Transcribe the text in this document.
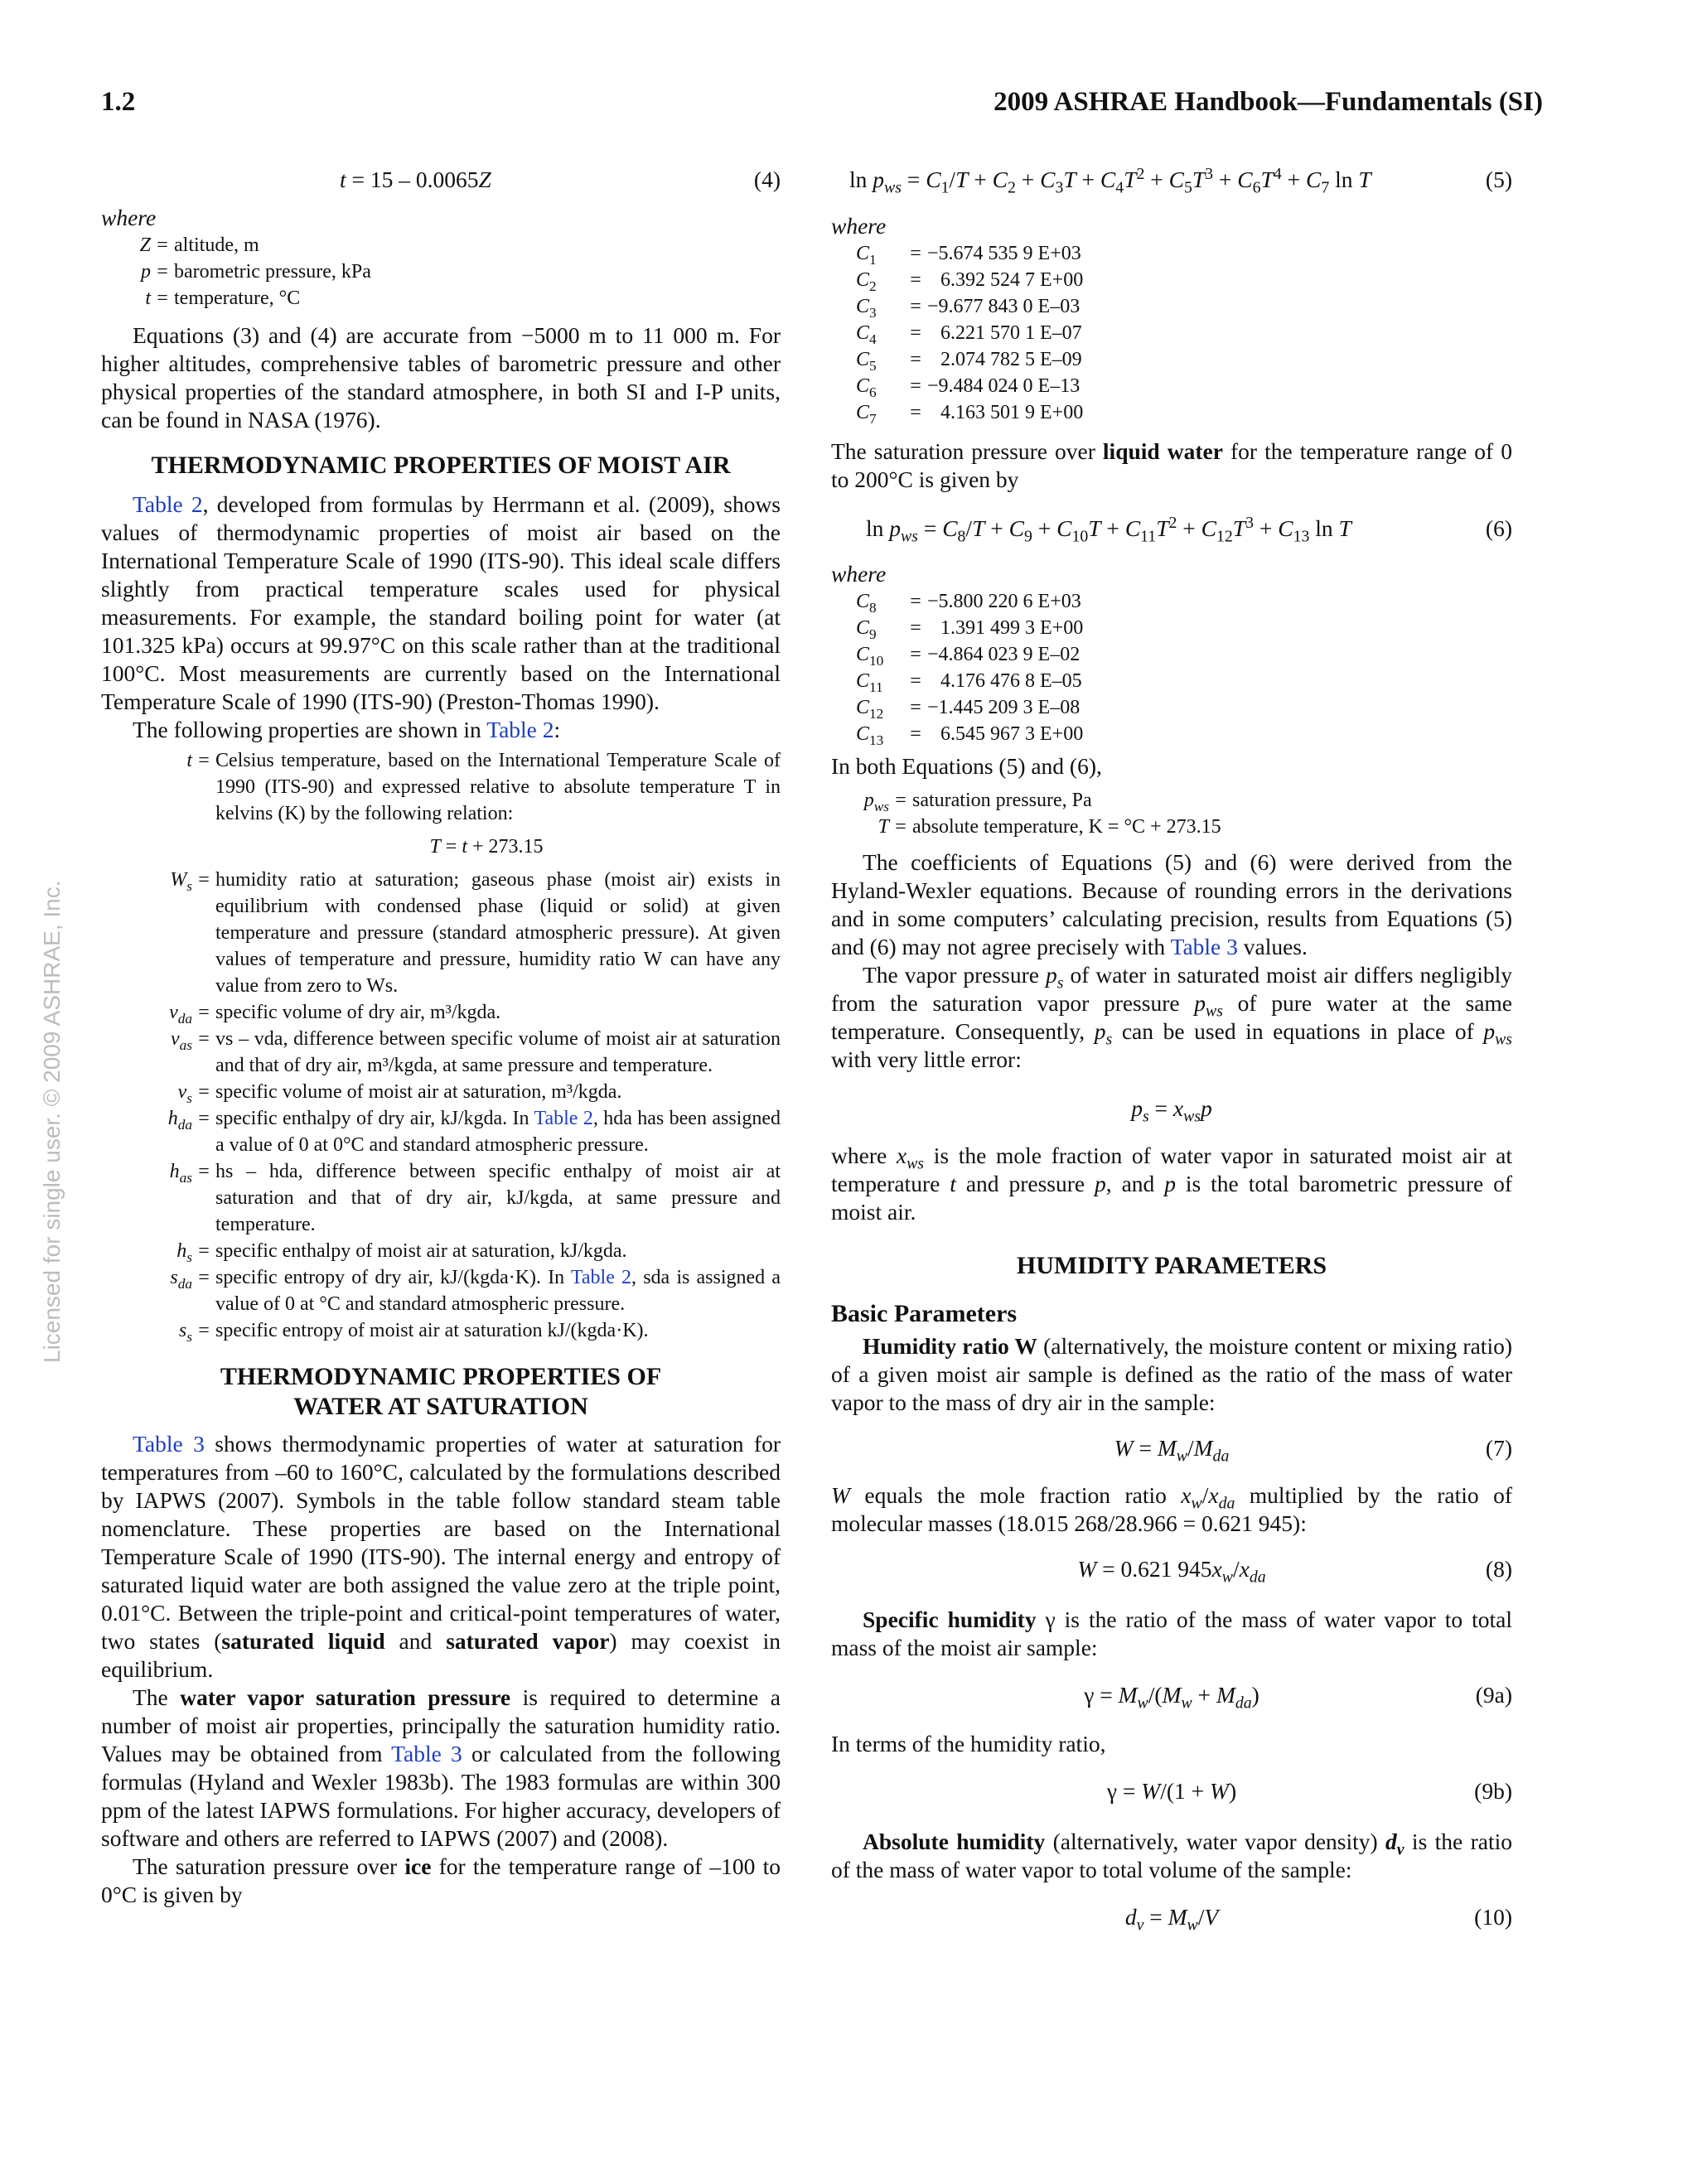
1.2	2009 ASHRAE Handbook—Fundamentals (SI)
Licensed for single user. © 2009 ASHRAE, Inc.
t = 15 – 0.0065Z	(4)

where

Z = altitude, m
p = barometric pressure, kPa
t = temperature, °C

Equations (3) and (4) are accurate from −5000 m to 11 000 m. For higher altitudes, comprehensive tables of barometric pressure and other physical properties of the standard atmosphere, in both SI and I-P units, can be found in NASA (1976).

THERMODYNAMIC PROPERTIES OF MOIST AIR

Table 2, developed from formulas by Herrmann et al. (2009), shows values of thermodynamic properties of moist air based on the International Temperature Scale of 1990 (ITS-90). This ideal scale differs slightly from practical temperature scales used for physical measurements. For example, the standard boiling point for water (at 101.325 kPa) occurs at 99.97°C on this scale rather than at the traditional 100°C. Most measurements are currently based on the International Temperature Scale of 1990 (ITS-90) (Preston-Thomas 1990).

The following properties are shown in Table 2:

t = Celsius temperature, based on the International Temperature Scale of 1990 (ITS-90) and expressed relative to absolute temperature T in kelvins (K) by the following relation:
T = t + 273.15
$W_s$ = humidity ratio at saturation; gaseous phase (moist air) exists in equilibrium with condensed phase (liquid or solid) at given temperature and pressure (standard atmospheric pressure). At given values of temperature and pressure, humidity ratio W can have any value from zero to Ws.
$v_{da}$ = specific volume of dry air, m³/kgda.
$v_{as}$ = vs – vda, difference between specific volume of moist air at saturation and that of dry air, m³/kgda, at same pressure and temperature.
$v_s$ = specific volume of moist air at saturation, m³/kgda.
$h_{da}$ = specific enthalpy of dry air, kJ/kgda. In Table 2, hda has been assigned a value of 0 at 0°C and standard atmospheric pressure.
$h_{as}$ = hs – hda, difference between specific enthalpy of moist air at saturation and that of dry air, kJ/kgda, at same pressure and temperature.
$h_s$ = specific enthalpy of moist air at saturation, kJ/kgda.
$s_{da}$ = specific entropy of dry air, kJ/(kgda·K). In Table 2, sda is assigned a value of 0 at °C and standard atmospheric pressure.
$s_s$ = specific entropy of moist air at saturation kJ/(kgda·K).

THERMODYNAMIC PROPERTIES OF
WATER AT SATURATION

Table 3 shows thermodynamic properties of water at saturation for temperatures from –60 to 160°C, calculated by the formulations described by IAPWS (2007). Symbols in the table follow standard steam table nomenclature. These properties are based on the International Temperature Scale of 1990 (ITS-90). The internal energy and entropy of saturated liquid water are both assigned the value zero at the triple point, 0.01°C. Between the triple-point and critical-point temperatures of water, two states (saturated liquid and saturated vapor) may coexist in equilibrium.

The water vapor saturation pressure is required to determine a number of moist air properties, principally the saturation humidity ratio. Values may be obtained from Table 3 or calculated from the following formulas (Hyland and Wexler 1983b). The 1983 formulas are within 300 ppm of the latest IAPWS formulations. For higher accuracy, developers of software and others are referred to IAPWS (2007) and (2008).

The saturation pressure over ice for the temperature range of –100 to 0°C is given by

$\ln p_{ws} = C_1/T + C_2 + C_3T + C_4T^2 + C_5T^3 + C_6T^4 + C_7$ ln T	(5)

where

$C_1$	= −5.674 535 9 E+03
$C_2$	= 6.392 524 7 E+00
$C_3$	= −9.677 843 0 E–03
$C_4$	= 6.221 570 1 E–07
$C_5$	= 2.074 782 5 E–09
$C_6$	= −9.484 024 0 E–13
$C_7$	= 4.163 501 9 E+00

The saturation pressure over liquid water for the temperature range of 0 to 200°C is given by

$\ln p_{ws} = C_8/T + C_9 + C_{10}T + C_{11}T^2 + C_{12}T^3 + C_{13}$ ln T	(6)

where

$C_8$	= −5.800 220 6 E+03
$C_9$	= 1.391 499 3 E+00
$C_{10}$	= −4.864 023 9 E–02
$C_{11}$	= 4.176 476 8 E–05
$C_{12}$	= −1.445 209 3 E–08
$C_{13}$	= 6.545 967 3 E+00

In both Equations (5) and (6),

$p_{ws}$ = saturation pressure, Pa
T = absolute temperature, K = °C + 273.15

The coefficients of Equations (5) and (6) were derived from the Hyland-Wexler equations. Because of rounding errors in the derivations and in some computers’ calculating precision, results from Equations (5) and (6) may not agree precisely with Table 3 values.

The vapor pressure $p_s$ of water in saturated moist air differs negligibly from the saturation vapor pressure $p_{ws}$ of pure water at the same temperature. Consequently, $p_s$ can be used in equations in place of $p_{ws}$ with very little error:

$p_s = x_{ws}p$

where $x_{ws}$ is the mole fraction of water vapor in saturated moist air at temperature t and pressure p, and p is the total barometric pressure of moist air.

HUMIDITY PARAMETERS

Basic Parameters

Humidity ratio W (alternatively, the moisture content or mixing ratio) of a given moist air sample is defined as the ratio of the mass of water vapor to the mass of dry air in the sample:

$W = M_w/M_{da}$	(7)

W equals the mole fraction ratio $x_w/x_{da}$ multiplied by the ratio of molecular masses (18.015 268/28.966 = 0.621 945):

W = 0.621 $945x_w/x_{da}$	(8)

Specific humidity γ is the ratio of the mass of water vapor to total mass of the moist air sample:

$\gamma = M_w/(M_w + M_{da})$	(9a)

In terms of the humidity ratio,

γ = W/(1 + W)	(9b)

Absolute humidity (alternatively, water vapor density) $d_v$ is the ratio of the mass of water vapor to total volume of the sample:

$d_v = M_w/V$	(10)
